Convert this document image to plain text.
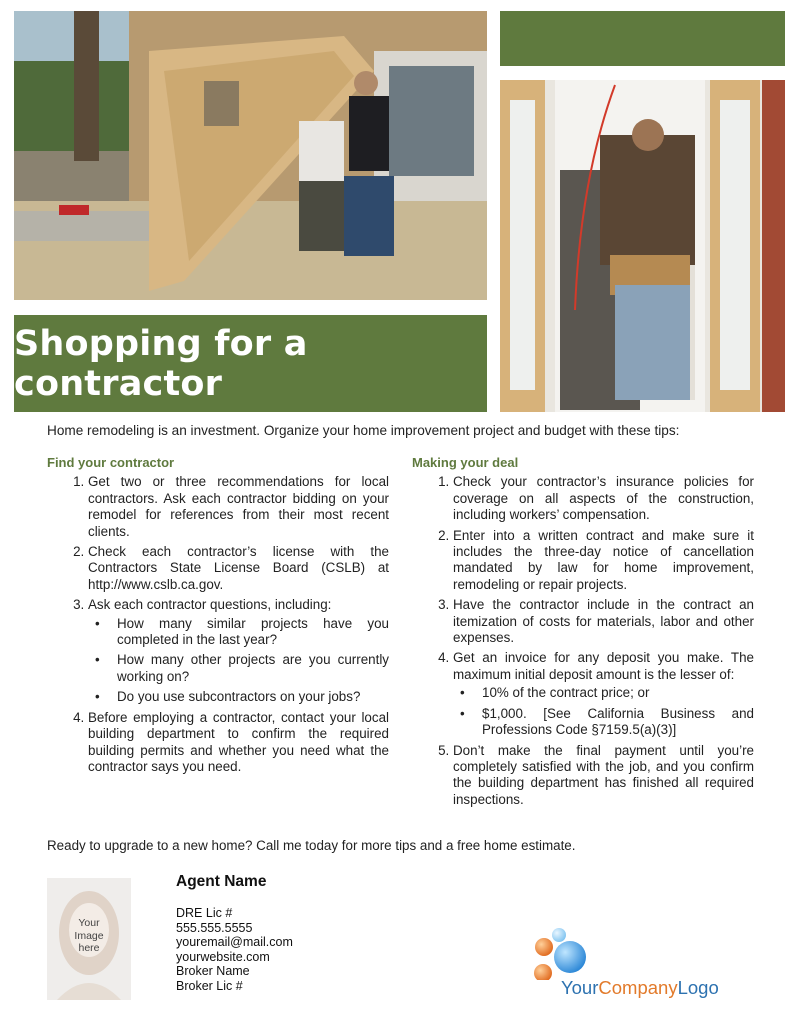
Shopping for a contractor
Home remodeling is an investment. Organize your home improvement project and budget with these tips:
Find your contractor
1. Get two or three recommendations for local contractors. Ask each contractor bidding on your remodel for references from their most recent clients.
2. Check each contractor’s license with the Contractors State License Board (CSLB) at http://www.cslb.ca.gov.
3. Ask each contractor questions, including:
• How many similar projects have you completed in the last year?
• How many other projects are you currently working on?
• Do you use subcontractors on your jobs?
4. Before employing a contractor, contact your local building department to confirm the required building permits and whether you need what the contractor says you need.
Making your deal
1. Check your contractor’s insurance policies for coverage on all aspects of the construction, including workers’ compensation.
2. Enter into a written contract and make sure it includes the three-day notice of cancellation mandated by law for home improvement, remodeling or repair projects.
3. Have the contractor include in the contract an itemization of costs for materials, labor and other expenses.
4. Get an invoice for any deposit you make. The maximum initial deposit amount is the lesser of:
• 10% of the contract price; or
• $1,000. [See California Business and Professions Code §7159.5(a)(3)]
5. Don’t make the final payment until you’re completely satisfied with the job, and you confirm the building department has finished all required inspections.
Ready to upgrade to a new home? Call me today for more tips and a free home estimate.
Your
Image
here
Agent Name
DRE Lic #
555.555.5555
youremail@mail.com
yourwebsite.com
Broker Name
Broker Lic #	YourCompanyLogo
